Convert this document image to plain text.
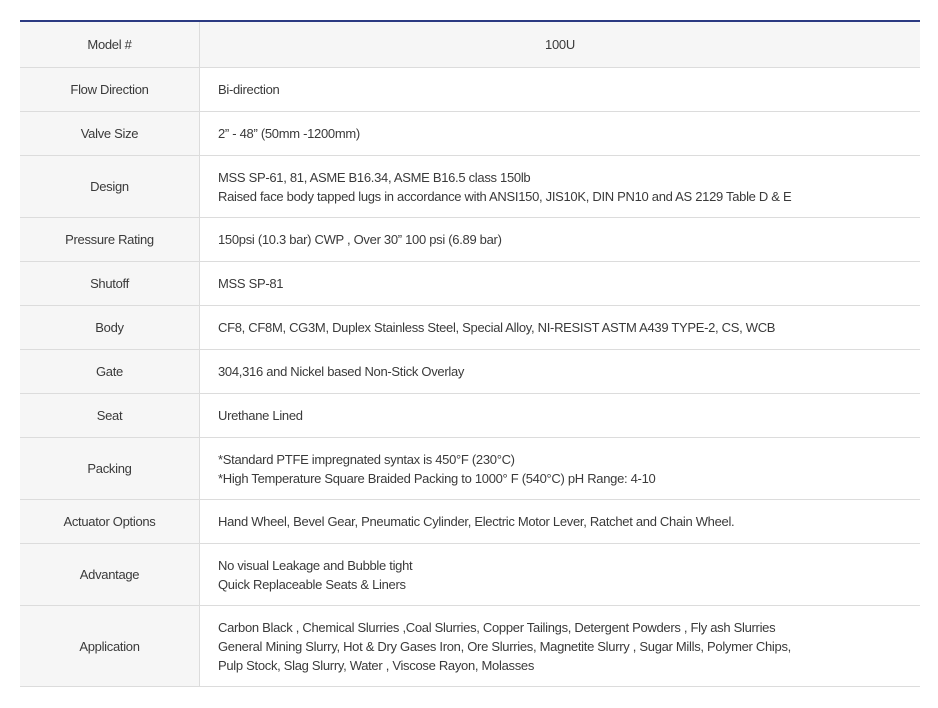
Model #	100U
Flow Direction	Bi-direction

Valve Size	2” - 48” (50mm -1200mm)

Design	MSS SP-61, 81, ASME B16.34, ASME B16.5 class 150lb
Raised face body tapped lugs in accordance with ANSI150, JIS10K, DIN PN10 and AS 2129 Table D & E

Pressure Rating	150psi (10.3 bar) CWP , Over 30” 100 psi (6.89 bar)

Shutoff	MSS SP-81

Body	CF8, CF8M, CG3M, Duplex Stainless Steel, Special Alloy, NI-RESIST ASTM A439 TYPE-2, CS, WCB

Gate	304,316 and Nickel based Non-Stick Overlay

Seat	Urethane Lined

Packing	*Standard PTFE impregnated syntax is 450°F (230°C)
*High Temperature Square Braided Packing to 1000° F (540°C) pH Range: 4-10

Actuator Options	Hand Wheel, Bevel Gear, Pneumatic Cylinder, Electric Motor Lever, Ratchet and Chain Wheel.

Advantage	No visual Leakage and Bubble tight
Quick Replaceable Seats & Liners

Application	Carbon Black , Chemical Slurries ,Coal Slurries, Copper Tailings, Detergent Powders , Fly ash Slurries
General Mining Slurry, Hot & Dry Gases Iron, Ore Slurries, Magnetite Slurry , Sugar Mills, Polymer Chips,
Pulp Stock, Slag Slurry, Water , Viscose Rayon, Molasses
